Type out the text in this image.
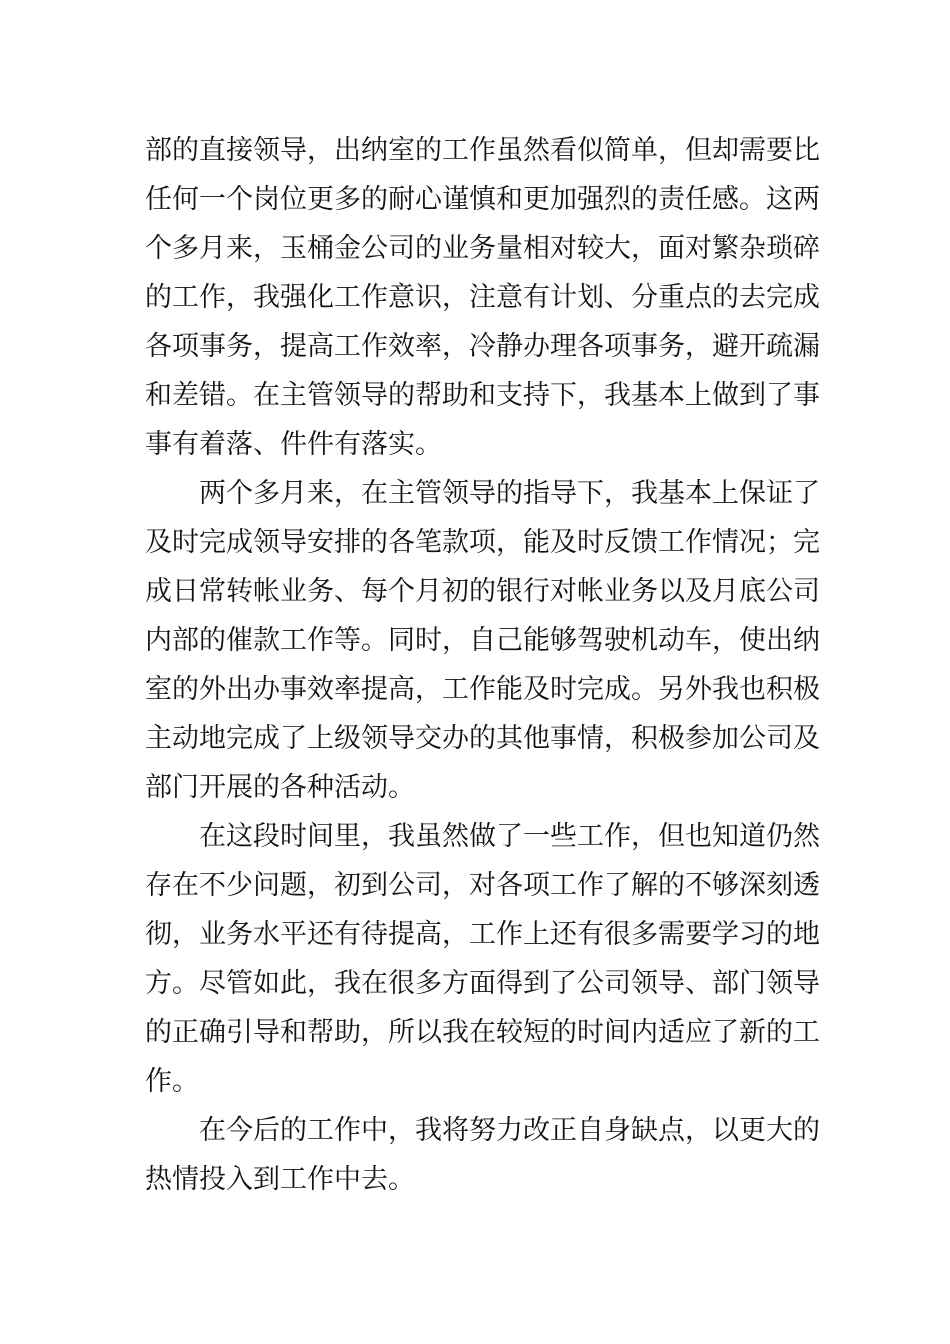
部的直接领导，出纳室的工作虽然看似简单，但却需要比
任何一个岗位更多的耐心谨慎和更加强烈的责任感。这两
个多月来，玉桶金公司的业务量相对较大，面对繁杂琐碎
的工作，我强化工作意识，注意有计划、分重点的去完成
各项事务，提高工作效率，冷静办理各项事务，避开疏漏
和差错。在主管领导的帮助和支持下，我基本上做到了事
事有着落、件件有落实。
两个多月来，在主管领导的指导下，我基本上保证了
及时完成领导安排的各笔款项，能及时反馈工作情况；完
成日常转帐业务、每个月初的银行对帐业务以及月底公司
内部的催款工作等。同时，自己能够驾驶机动车，使出纳
室的外出办事效率提高，工作能及时完成。另外我也积极
主动地完成了上级领导交办的其他事情，积极参加公司及
部门开展的各种活动。
在这段时间里，我虽然做了一些工作，但也知道仍然
存在不少问题，初到公司，对各项工作了解的不够深刻透
彻，业务水平还有待提高，工作上还有很多需要学习的地
方。尽管如此，我在很多方面得到了公司领导、部门领导
的正确引导和帮助，所以我在较短的时间内适应了新的工
作。
在今后的工作中，我将努力改正自身缺点，以更大的
热情投入到工作中去。
